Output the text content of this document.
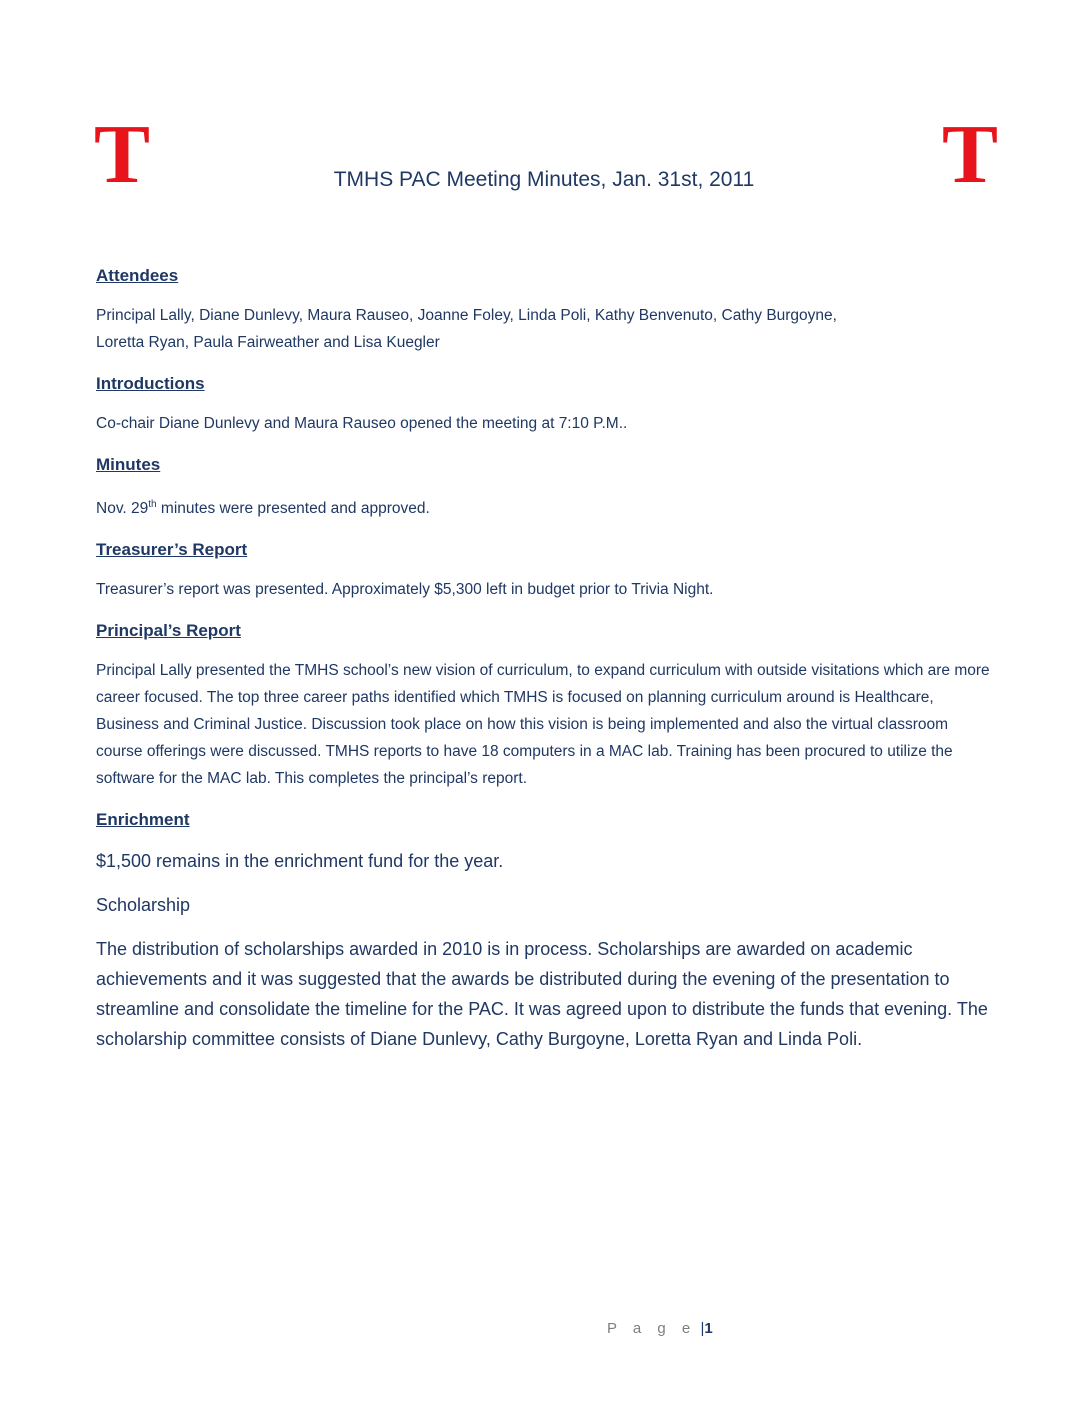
T	T
TMHS PAC Meeting Minutes, Jan. 31st, 2011
Attendees

Principal Lally, Diane Dunlevy, Maura Rauseo, Joanne Foley, Linda Poli, Kathy Benvenuto, Cathy Burgoyne,
Loretta Ryan, Paula Fairweather and Lisa Kuegler

Introductions

Co-chair Diane Dunlevy and Maura Rauseo opened the meeting at 7:10 P.M..

Minutes

Nov. 29th minutes were presented and approved.

Treasurer’s Report

Treasurer’s report was presented. Approximately $5,300 left in budget prior to Trivia Night.

Principal’s Report

Principal Lally presented the TMHS school’s new vision of curriculum, to expand curriculum with outside visitations which are more career focused. The top three career paths identified which TMHS is focused on planning curriculum around is Healthcare, Business and Criminal Justice. Discussion took place on how this vision is being implemented and also the virtual classroom course offerings were discussed. TMHS reports to have 18 computers in a MAC lab. Training has been procured to utilize the software for the MAC lab. This completes the principal’s report.

Enrichment

$1,500 remains in the enrichment fund for the year.

Scholarship

The distribution of scholarships awarded in 2010 is in process. Scholarships are awarded on academic achievements and it was suggested that the awards be distributed during the evening of the presentation to streamline and consolidate the timeline for the PAC. It was agreed upon to distribute the funds that evening. The scholarship committee consists of Diane Dunlevy, Cathy Burgoyne, Loretta Ryan and Linda Poli.

P a g e |1
